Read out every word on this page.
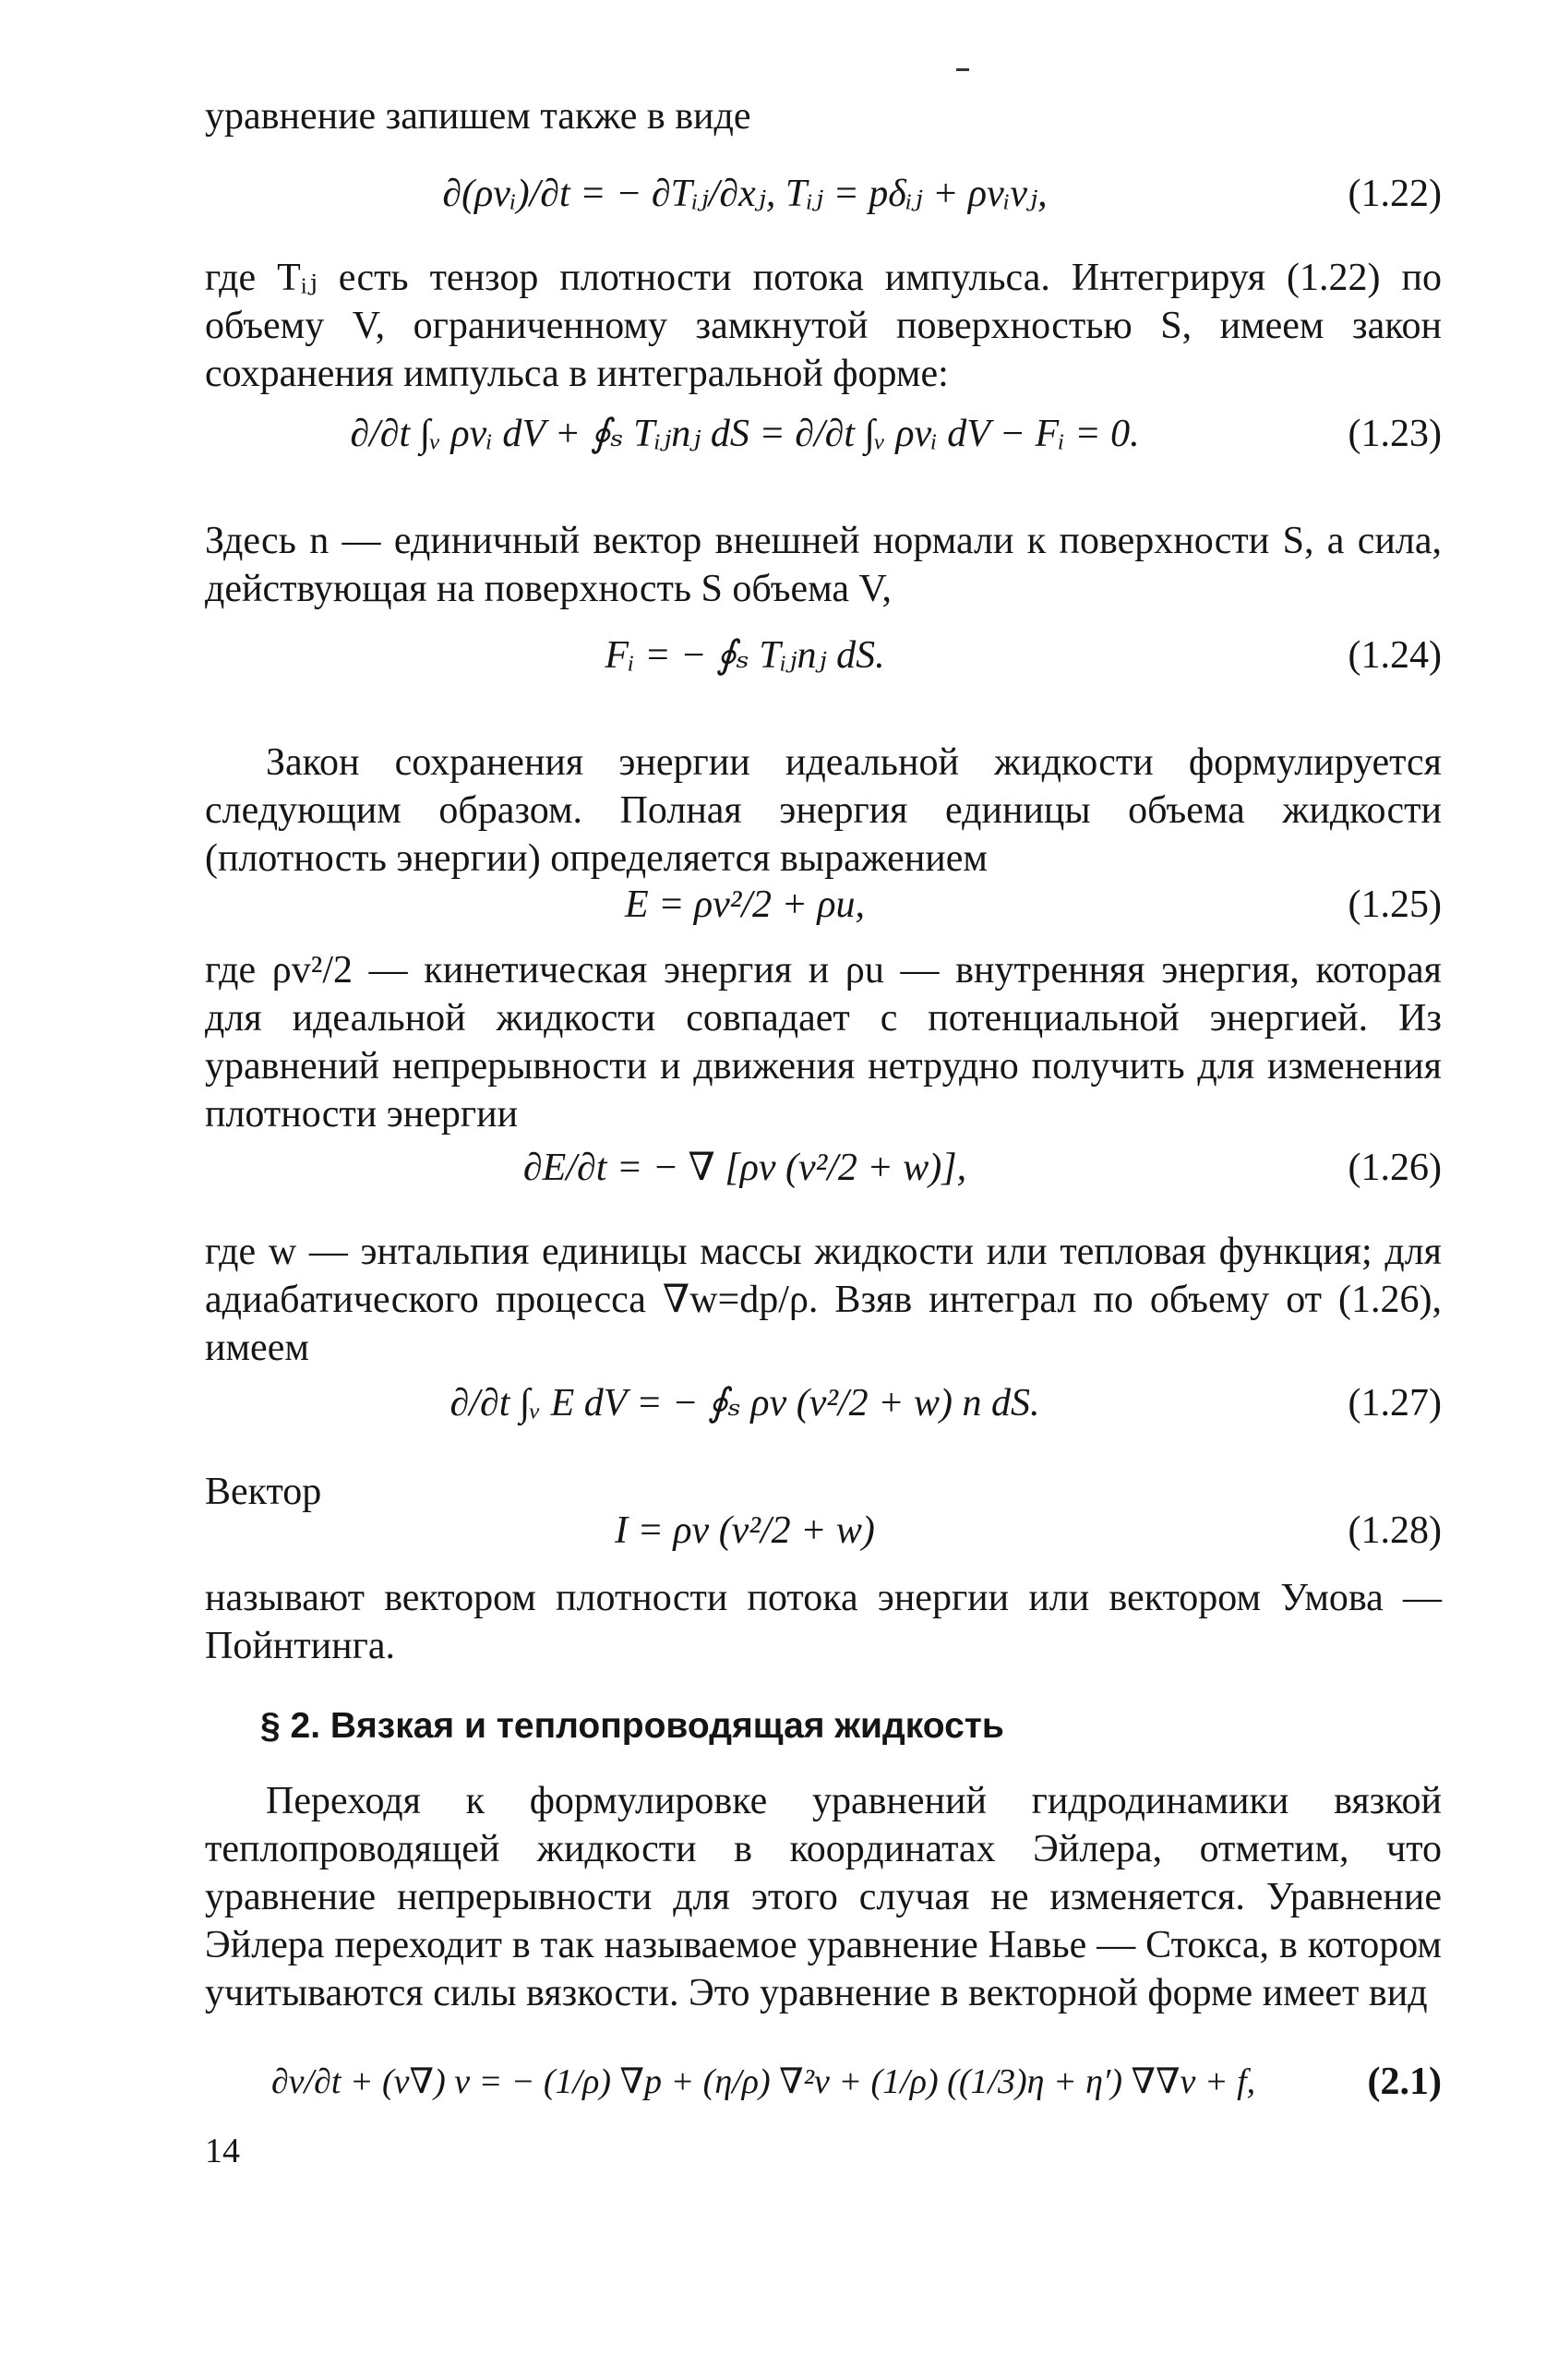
уравнение запишем также в виде

∂(ρvᵢ)/∂t = − ∂Tᵢⱼ/∂xⱼ, Tᵢⱼ = pδᵢⱼ + ρvᵢvⱼ,	(1.22)

где Tᵢⱼ есть тензор плотности потока импульса. Интегрируя (1.22) по объему V, ограниченному замкнутой поверхностью S, имеем закон сохранения импульса в интегральной форме:

∂/∂t ∫ᵥ ρvᵢ dV + ∮ₛ Tᵢⱼnⱼ dS = ∂/∂t ∫ᵥ ρvᵢ dV − Fᵢ = 0.	(1.23)

Здесь n — единичный вектор внешней нормали к поверхности S, а сила, действующая на поверхность S объема V,

Fᵢ = − ∮ₛ Tᵢⱼnⱼ dS.	(1.24)

Закон сохранения энергии идеальной жидкости формулируется следующим образом. Полная энергия единицы объема жидкости (плотность энергии) определяется выражением

E = ρv²/2 + ρu,	(1.25)

где ρv²/2 — кинетическая энергия и ρu — внутренняя энергия, которая для идеальной жидкости совпадает с потенциальной энергией. Из уравнений непрерывности и движения нетрудно получить для изменения плотности энергии

∂E/∂t = − ∇ [ρv (v²/2 + w)],	(1.26)

где w — энтальпия единицы массы жидкости или тепловая функция; для адиабатического процесса ∇w=dp/ρ. Взяв интеграл по объему от (1.26), имеем

∂/∂t ∫ᵥ E dV = − ∮ₛ ρv (v²/2 + w) n dS.	(1.27)

Вектор

I = ρv (v²/2 + w)	(1.28)

называют вектором плотности потока энергии или вектором Умова — Пойнтинга.

§ 2. Вязкая и теплопроводящая жидкость

Переходя к формулировке уравнений гидродинамики вязкой теплопроводящей жидкости в координатах Эйлера, отметим, что уравнение непрерывности для этого случая не изменяется. Уравнение Эйлера переходит в так называемое уравнение Навье — Стокса, в котором учитываются силы вязкости. Это уравнение в векторной форме имеет вид

∂v/∂t + (v∇) v = − (1/ρ) ∇p + (η/ρ) ∇²v + (1/ρ) ((1/3)η + η′) ∇∇v + f,	(2.1)
14
